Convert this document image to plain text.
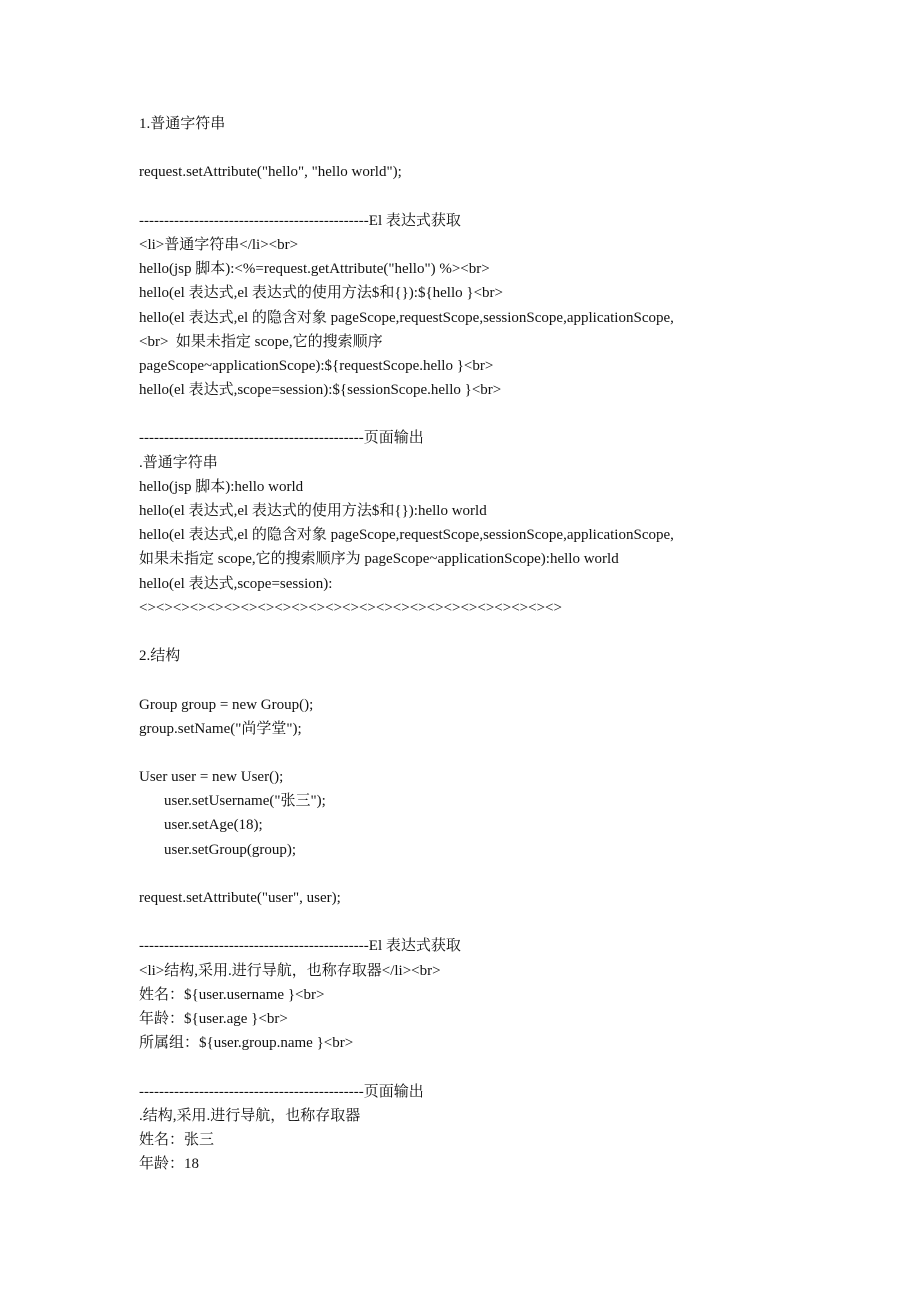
1.普通字符串
request.setAttribute("hello", "hello world");
----------------------------------------------El 表达式获取
<li>普通字符串</li><br>
hello(jsp 脚本):<%=request.getAttribute("hello") %><br>
hello(el 表达式,el 表达式的使用方法$和{}):${hello }<br>
hello(el 表达式,el 的隐含对象 pageScope,requestScope,sessionScope,applicationScope,
<br>  如果未指定 scope,它的搜索顺序
pageScope~applicationScope):${requestScope.hello }<br>
hello(el 表达式,scope=session):${sessionScope.hello }<br>
---------------------------------------------页面输出
.普通字符串
hello(jsp 脚本):hello world
hello(el 表达式,el 表达式的使用方法$和{}):hello world
hello(el 表达式,el 的隐含对象 pageScope,requestScope,sessionScope,applicationScope,
如果未指定 scope,它的搜索顺序为 pageScope~applicationScope):hello world
hello(el 表达式,scope=session):
<><><><><><><><><><><><><><><><><><><><><><><><><>
2.结构
Group group = new Group();
group.setName("尚学堂");
User user = new User();
user.setUsername("张三");
user.setAge(18);
user.setGroup(group);
request.setAttribute("user", user);
----------------------------------------------El 表达式获取
<li>结构,采用.进行导航，也称存取器</li><br>
姓名：${user.username }<br>
年龄：${user.age }<br>
所属组：${user.group.name }<br>
---------------------------------------------页面输出
.结构,采用.进行导航，也称存取器
姓名：张三
年龄：18
